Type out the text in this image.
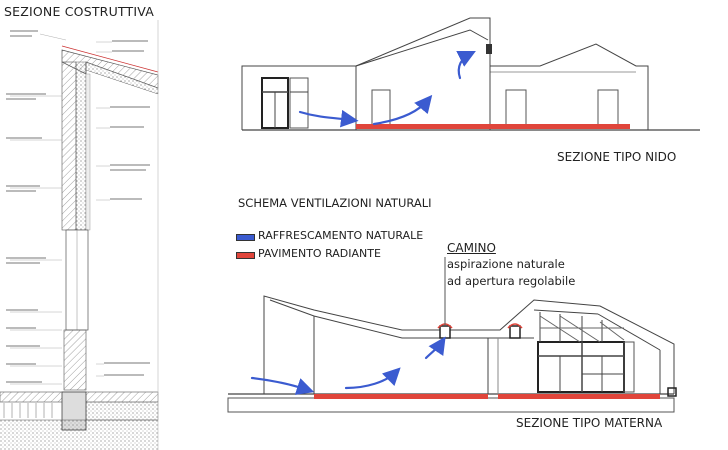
SEZIONE COSTRUTTIVA
SEZIONE TIPO NIDO
SCHEMA VENTILAZIONI NATURALI
SEZIONE TIPO MATERNA
RAFFRESCAMENTO NATURALE
PAVIMENTO RADIANTE	CAMINO
aspirazione naturale
ad apertura regolabile
